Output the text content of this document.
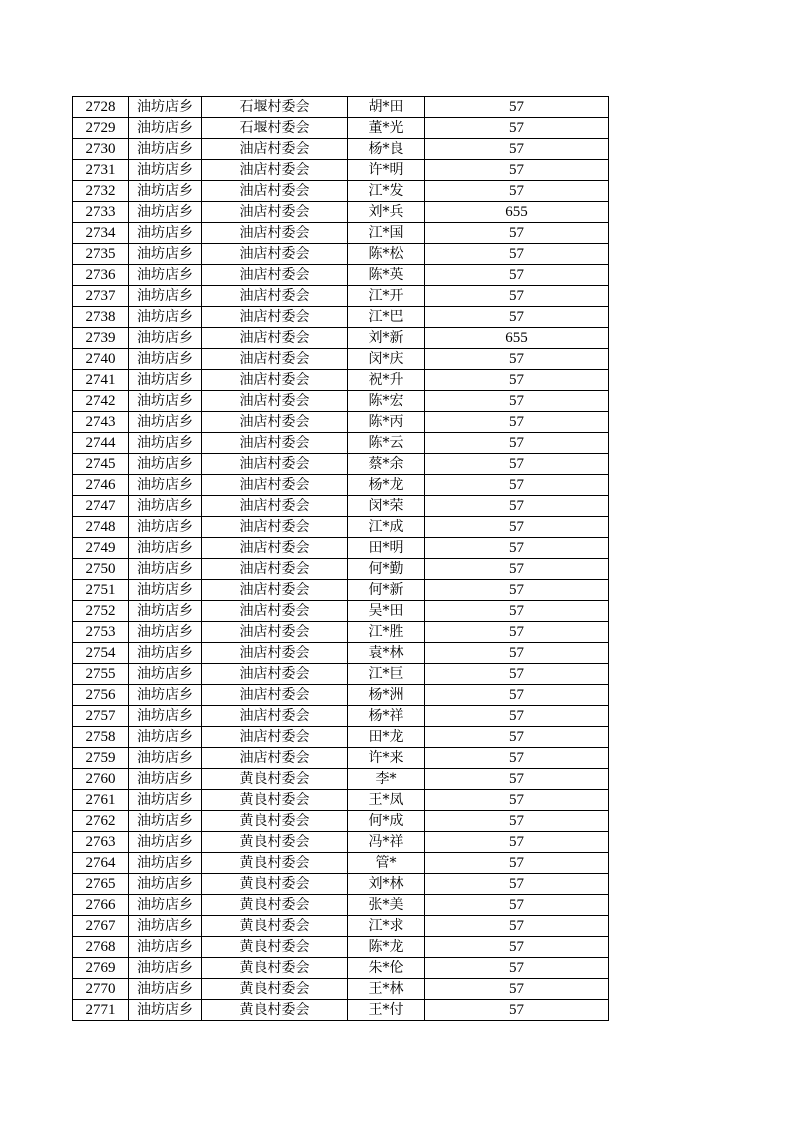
2728	油坊店乡	石堰村委会	胡*田	57
2729	油坊店乡	石堰村委会	董*光	57
2730	油坊店乡	油店村委会	杨*良	57
2731	油坊店乡	油店村委会	许*明	57
2732	油坊店乡	油店村委会	江*发	57
2733	油坊店乡	油店村委会	刘*兵	655
2734	油坊店乡	油店村委会	江*国	57
2735	油坊店乡	油店村委会	陈*松	57
2736	油坊店乡	油店村委会	陈*英	57
2737	油坊店乡	油店村委会	江*开	57
2738	油坊店乡	油店村委会	江*巴	57
2739	油坊店乡	油店村委会	刘*新	655
2740	油坊店乡	油店村委会	闵*庆	57
2741	油坊店乡	油店村委会	祝*升	57
2742	油坊店乡	油店村委会	陈*宏	57
2743	油坊店乡	油店村委会	陈*丙	57
2744	油坊店乡	油店村委会	陈*云	57
2745	油坊店乡	油店村委会	蔡*余	57
2746	油坊店乡	油店村委会	杨*龙	57
2747	油坊店乡	油店村委会	闵*荣	57
2748	油坊店乡	油店村委会	江*成	57
2749	油坊店乡	油店村委会	田*明	57
2750	油坊店乡	油店村委会	何*勤	57
2751	油坊店乡	油店村委会	何*新	57
2752	油坊店乡	油店村委会	吴*田	57
2753	油坊店乡	油店村委会	江*胜	57
2754	油坊店乡	油店村委会	袁*林	57
2755	油坊店乡	油店村委会	江*巨	57
2756	油坊店乡	油店村委会	杨*洲	57
2757	油坊店乡	油店村委会	杨*祥	57
2758	油坊店乡	油店村委会	田*龙	57
2759	油坊店乡	油店村委会	许*来	57
2760	油坊店乡	黄良村委会	李*	57
2761	油坊店乡	黄良村委会	王*凤	57
2762	油坊店乡	黄良村委会	何*成	57
2763	油坊店乡	黄良村委会	冯*祥	57
2764	油坊店乡	黄良村委会	管*	57
2765	油坊店乡	黄良村委会	刘*林	57
2766	油坊店乡	黄良村委会	张*美	57
2767	油坊店乡	黄良村委会	江*求	57
2768	油坊店乡	黄良村委会	陈*龙	57
2769	油坊店乡	黄良村委会	朱*伦	57
2770	油坊店乡	黄良村委会	王*林	57
2771	油坊店乡	黄良村委会	王*付	57
